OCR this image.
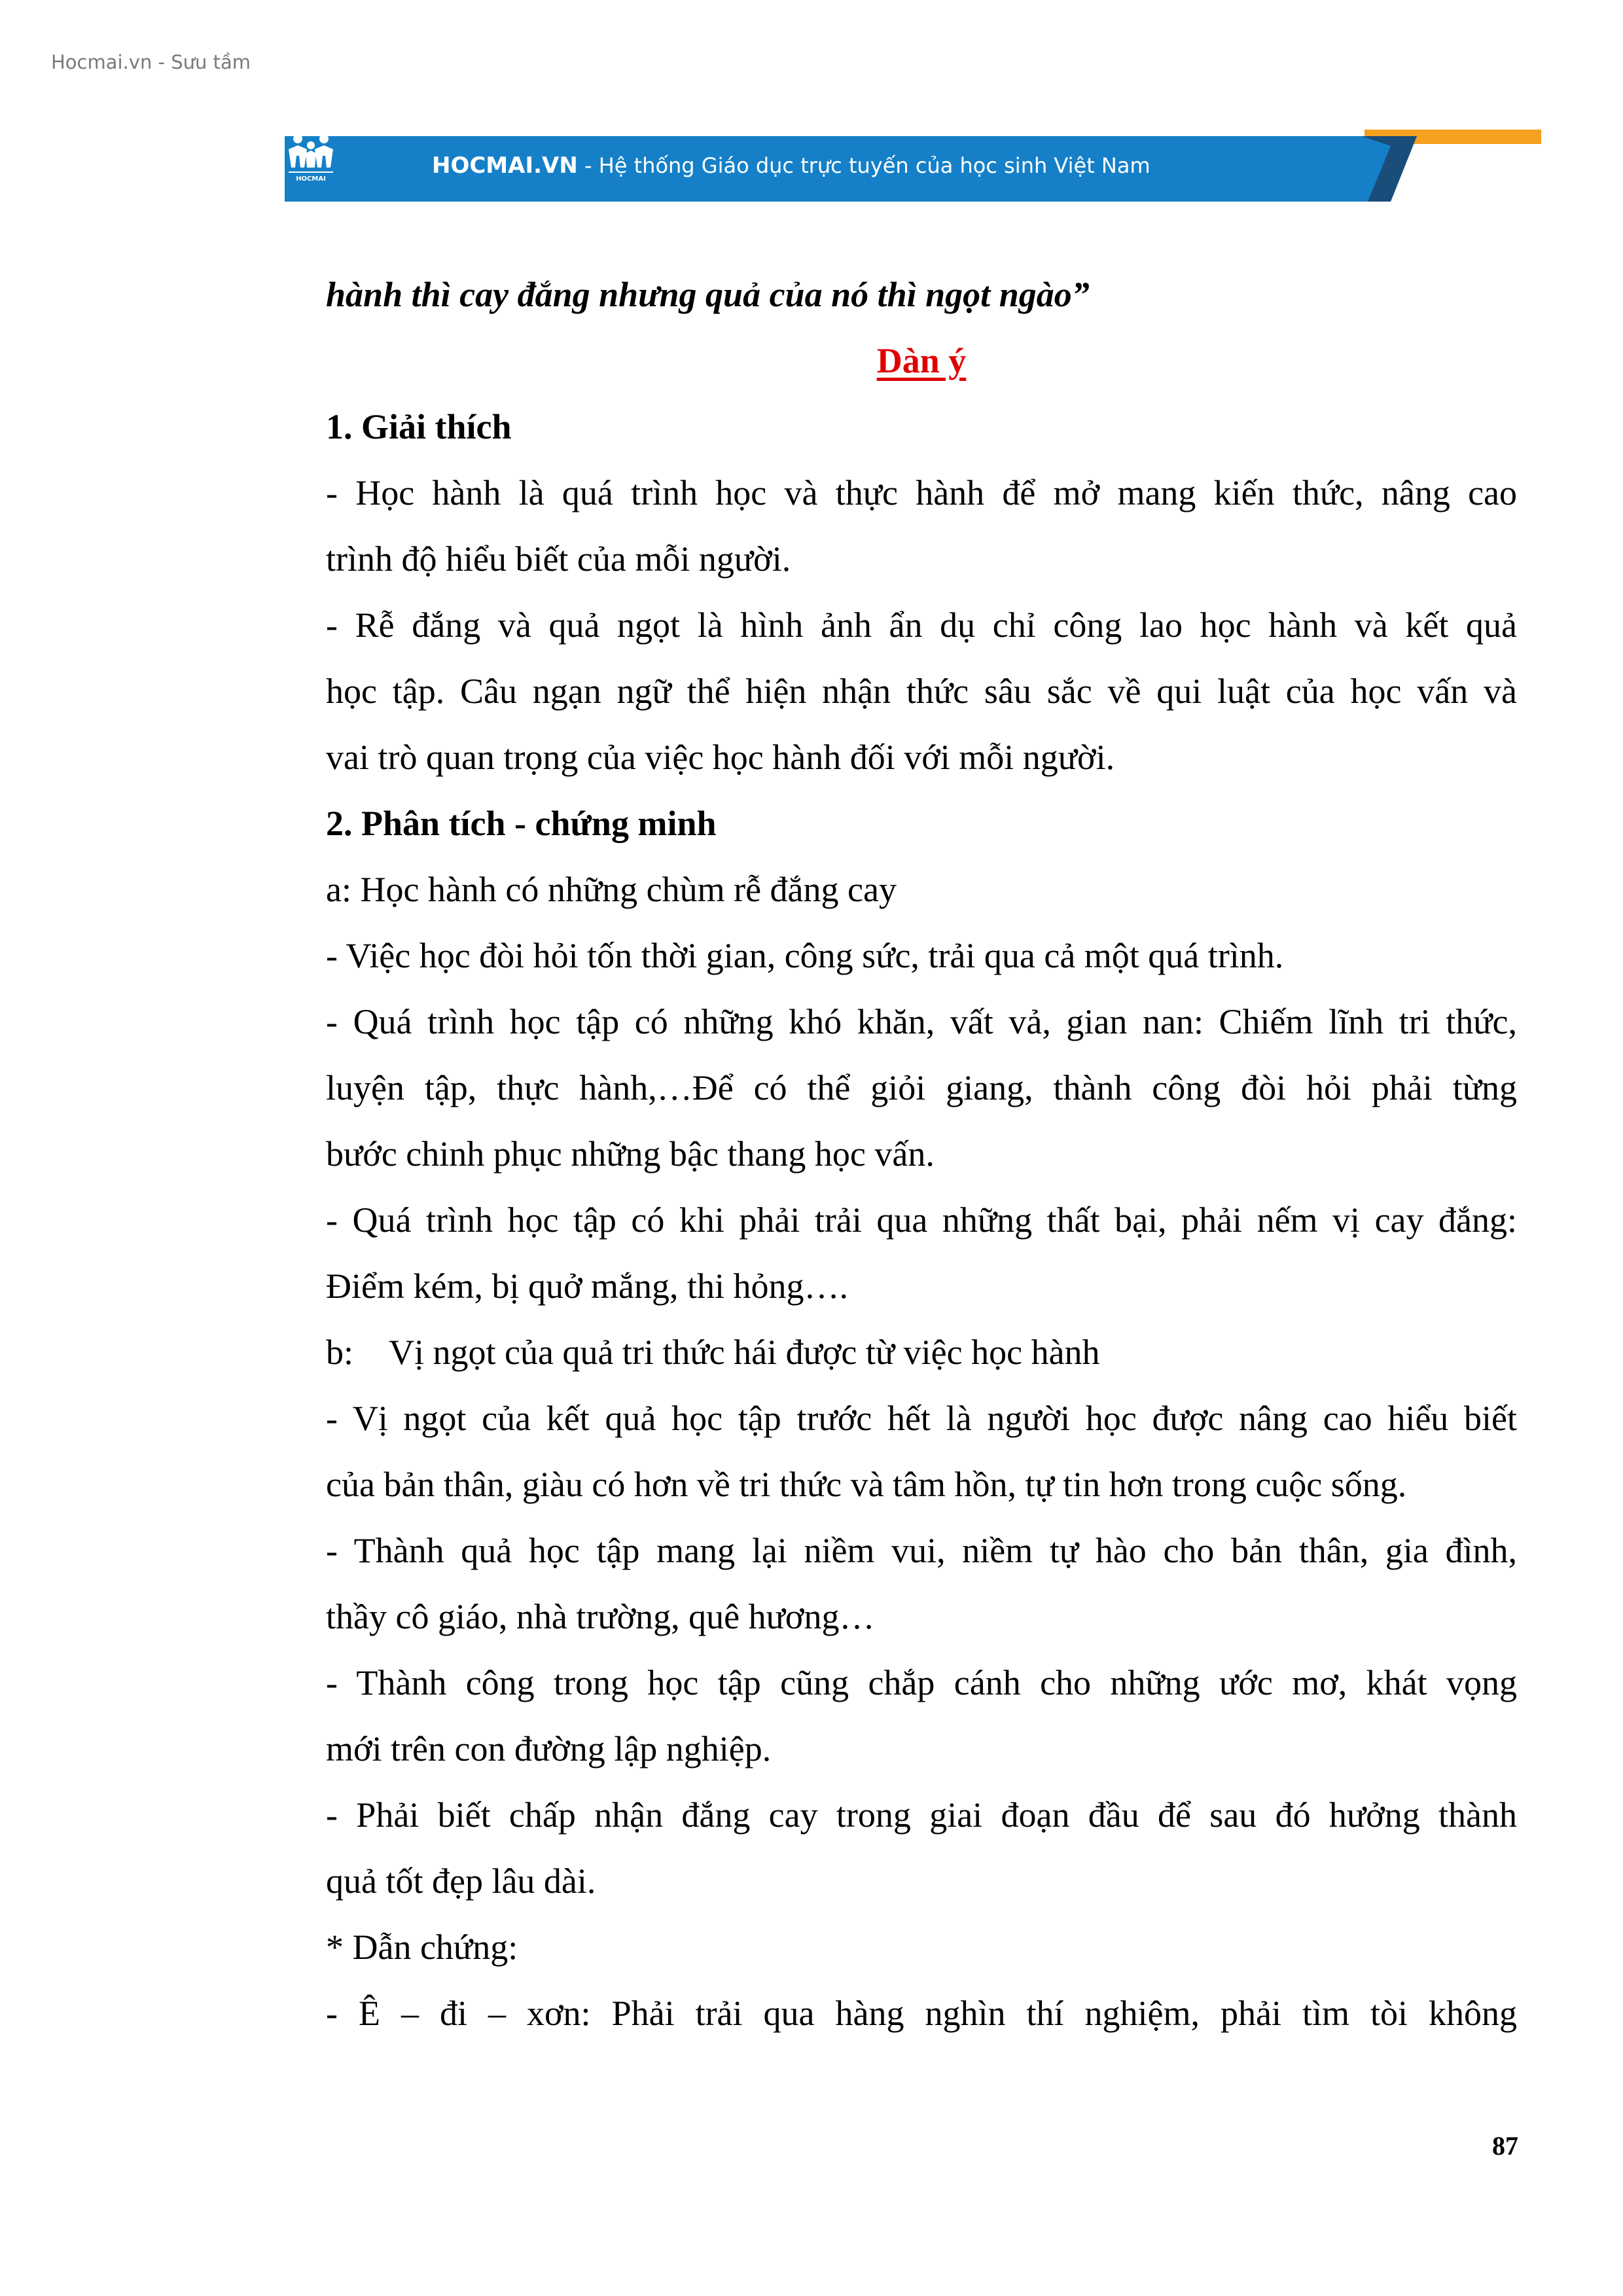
Hocmai.vn - Sưu tầm
HOCMAI
HOCMAI.VN - Hệ thống Giáo dục trực tuyến của học sinh Việt Nam
hành thì cay đắng nhưng quả của nó thì ngọt ngào”
Dàn ý
1. Giải thích
- Học hành là quá trình học và thực hành để mở mang kiến thức, nâng cao
trình độ hiểu biết của mỗi người.
- Rễ đắng và quả ngọt là hình ảnh ẩn dụ chỉ công lao học hành và kết quả
học tập. Câu ngạn ngữ thể hiện nhận thức sâu sắc về qui luật của học vấn và
vai trò quan trọng của việc học hành đối với mỗi người.
2. Phân tích - chứng minh
a: Học hành có những chùm rễ đắng cay
- Việc học đòi hỏi tốn thời gian, công sức, trải qua cả một quá trình.
- Quá trình học tập có những khó khăn, vất vả, gian nan: Chiếm lĩnh tri thức,
luyện tập, thực hành,…Để có thể giỏi giang, thành công đòi hỏi phải từng
bước chinh phục những bậc thang học vấn.
- Quá trình học tập có khi phải trải qua những thất bại, phải nếm vị cay đắng:
Điểm kém, bị quở mắng, thi hỏng….
b: Vị ngọt của quả tri thức hái được từ việc học hành
- Vị ngọt của kết quả học tập trước hết là người học được nâng cao hiểu biết
của bản thân, giàu có hơn về tri thức và tâm hồn, tự tin hơn trong cuộc sống.
- Thành quả học tập mang lại niềm vui, niềm tự hào cho bản thân, gia đình,
thầy cô giáo, nhà trường, quê hương…
- Thành công trong học tập cũng chắp cánh cho những ước mơ, khát vọng
mới trên con đường lập nghiệp.
- Phải biết chấp nhận đắng cay trong giai đoạn đầu để sau đó hưởng thành
quả tốt đẹp lâu dài.
* Dẫn chứng:
- Ê – đi – xơn: Phải trải qua hàng nghìn thí nghiệm, phải tìm tòi không
87
